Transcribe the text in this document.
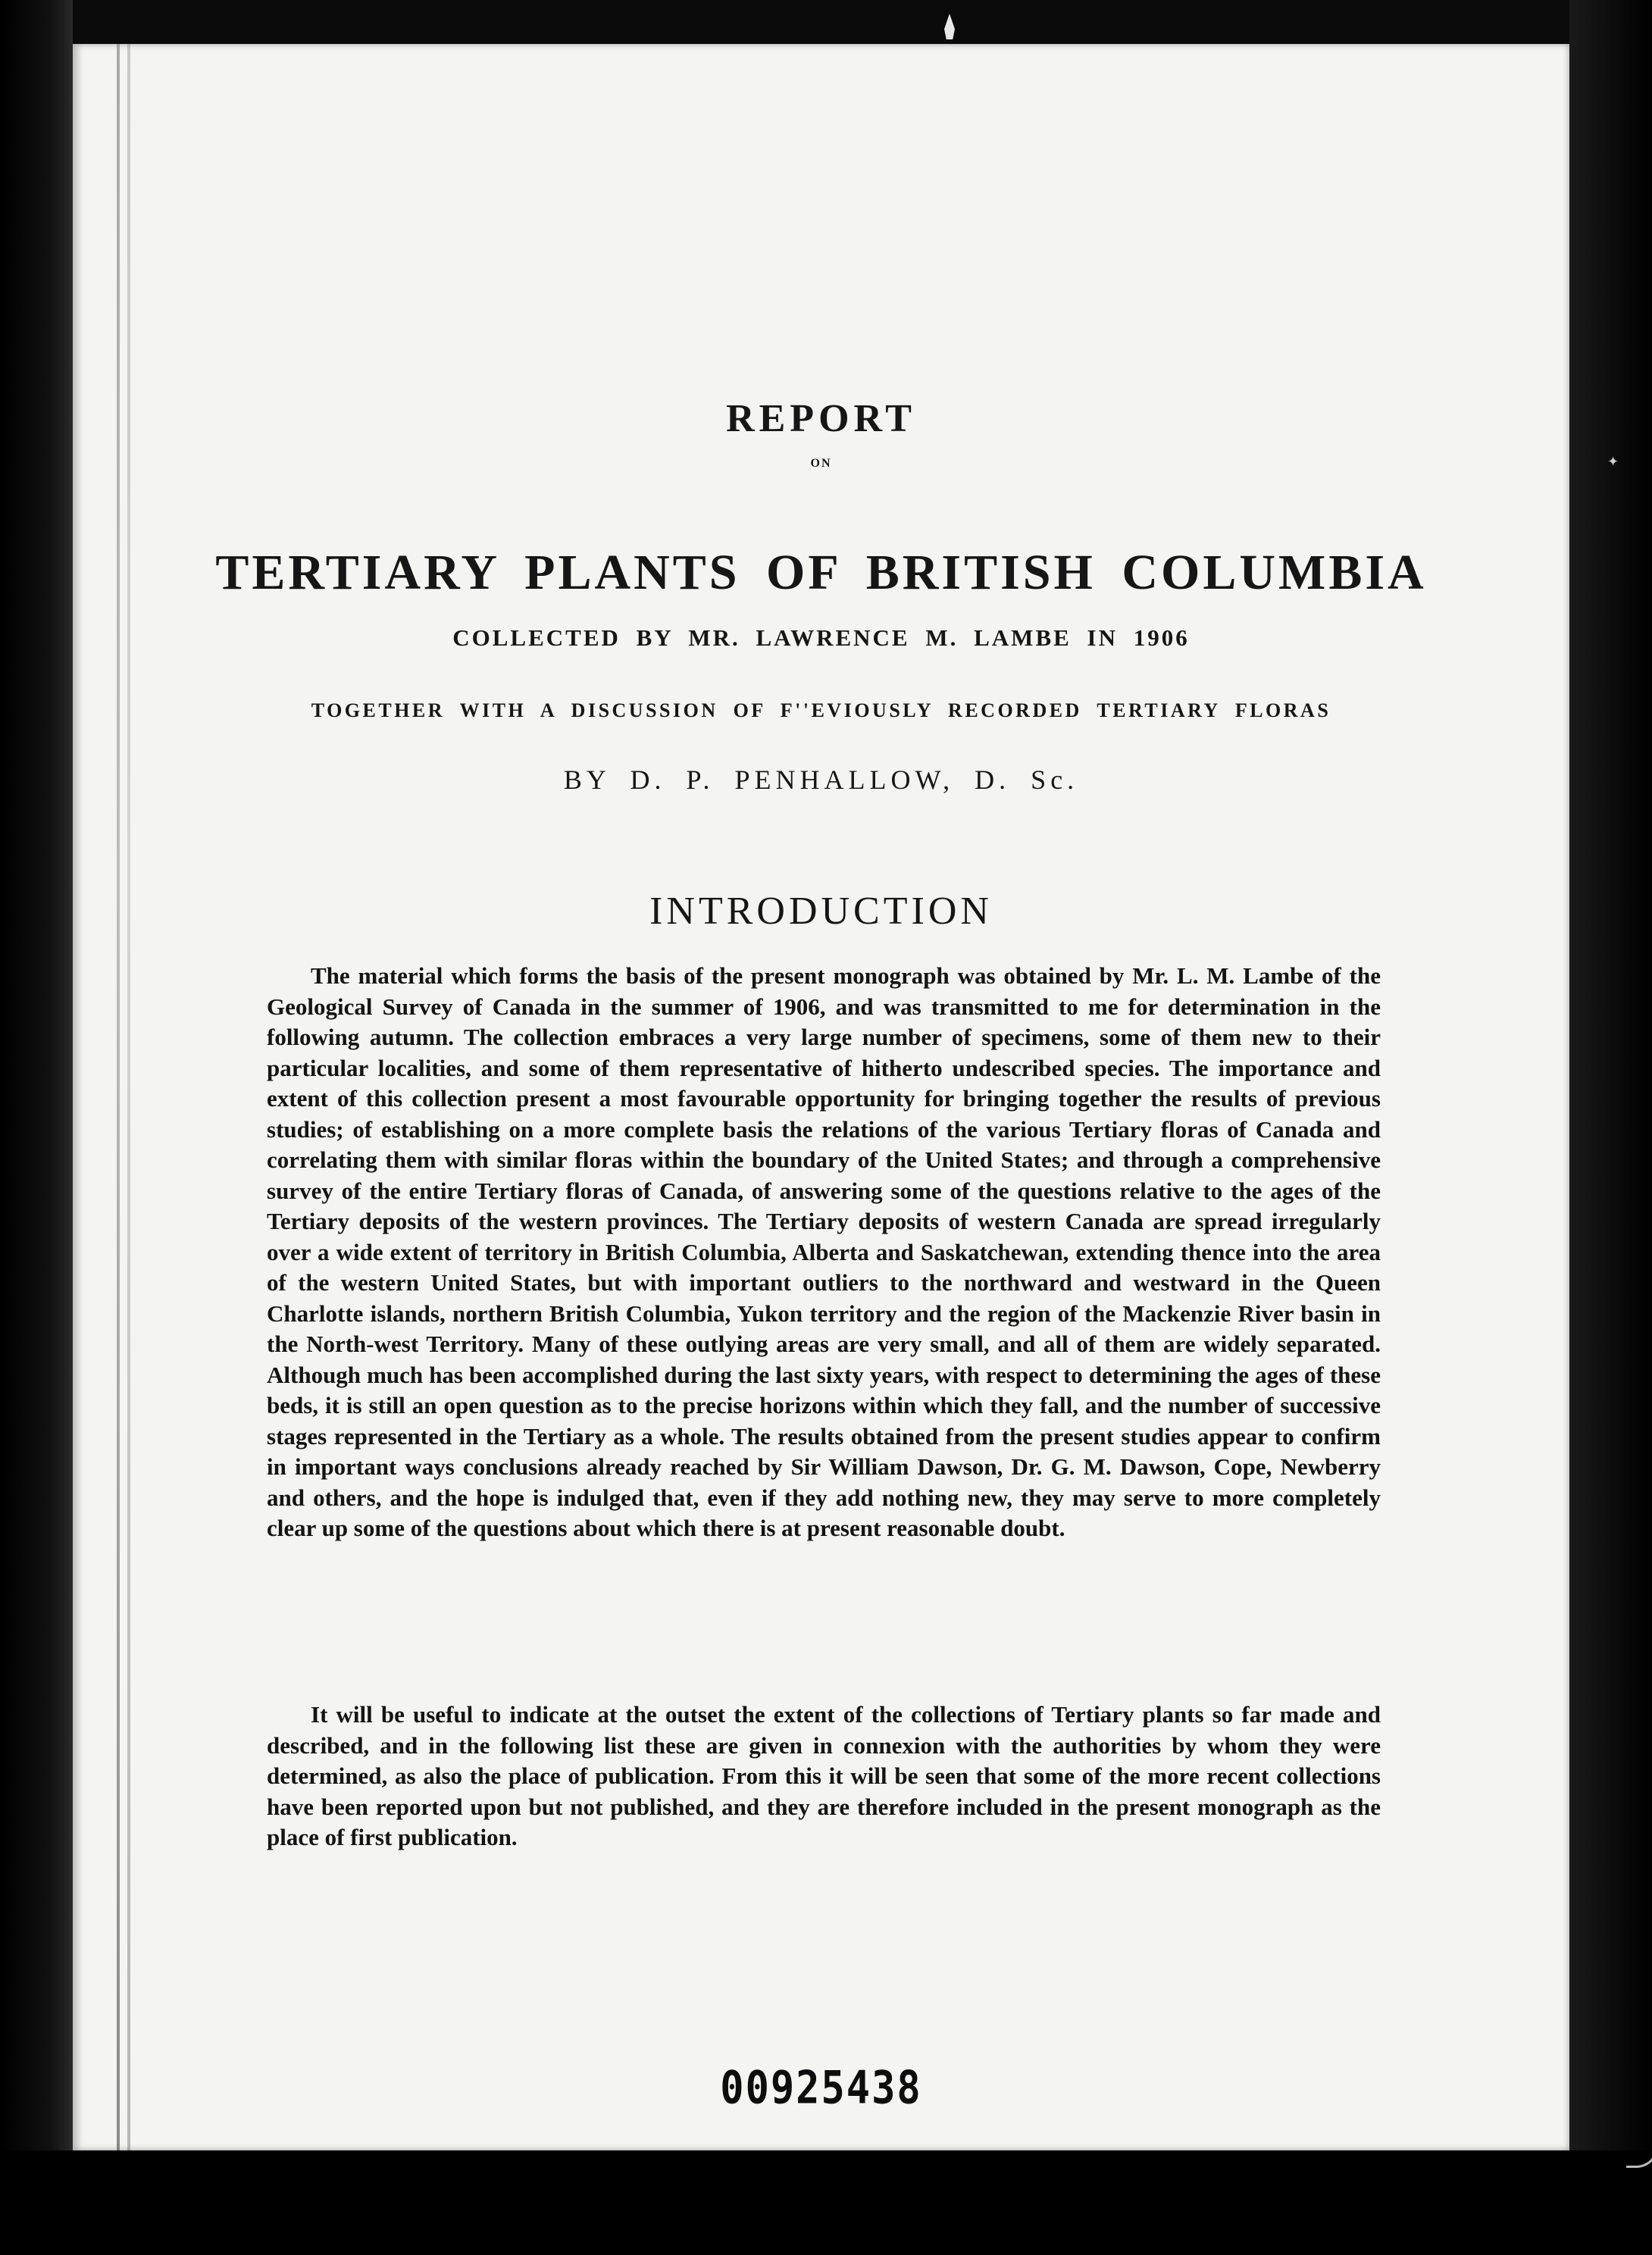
✦
REPORT
ON
TERTIARY PLANTS OF BRITISH COLUMBIA
COLLECTED BY MR. LAWRENCE M. LAMBE IN 1906
TOGETHER WITH A DISCUSSION OF F''EVIOUSLY RECORDED TERTIARY FLORAS
BY D. P. PENHALLOW, D. Sc.
INTRODUCTION

The material which forms the basis of the present monograph was obtained by Mr. L. M. Lambe of the Geological Survey of Canada in the summer of 1906, and was transmitted to me for determination in the following autumn. The collection embraces a very large number of specimens, some of them new to their particular localities, and some of them representative of hitherto undescribed species. The importance and extent of this collection present a most favourable opportunity for bringing together the results of previous studies; of establishing on a more complete basis the relations of the various Tertiary floras of Canada and correlating them with similar floras within the boundary of the United States; and through a comprehensive survey of the entire Tertiary floras of Canada, of answering some of the questions relative to the ages of the Tertiary deposits of the western provinces. The Tertiary deposits of western Canada are spread irregularly over a wide extent of territory in British Columbia, Alberta and Saskatchewan, extending thence into the area of the western United States, but with important outliers to the northward and westward in the Queen Charlotte islands, northern British Columbia, Yukon territory and the region of the Mackenzie River basin in the North-west Territory. Many of these outlying areas are very small, and all of them are widely separated. Although much has been accomplished during the last sixty years, with respect to determining the ages of these beds, it is still an open question as to the precise horizons within which they fall, and the number of successive stages represented in the Tertiary as a whole. The results obtained from the present studies appear to confirm in important ways conclusions already reached by Sir William Dawson, Dr. G. M. Dawson, Cope, Newberry and others, and the hope is indulged that, even if they add nothing new, they may serve to more completely clear up some of the questions about which there is at present reasonable doubt.

It will be useful to indicate at the outset the extent of the collections of Tertiary plants so far made and described, and in the following list these are given in connexion with the authorities by whom they were determined, as also the place of publication. From this it will be seen that some of the more recent collections have been reported upon but not published, and they are therefore included in the present monograph as the place of first publication.

00925438
